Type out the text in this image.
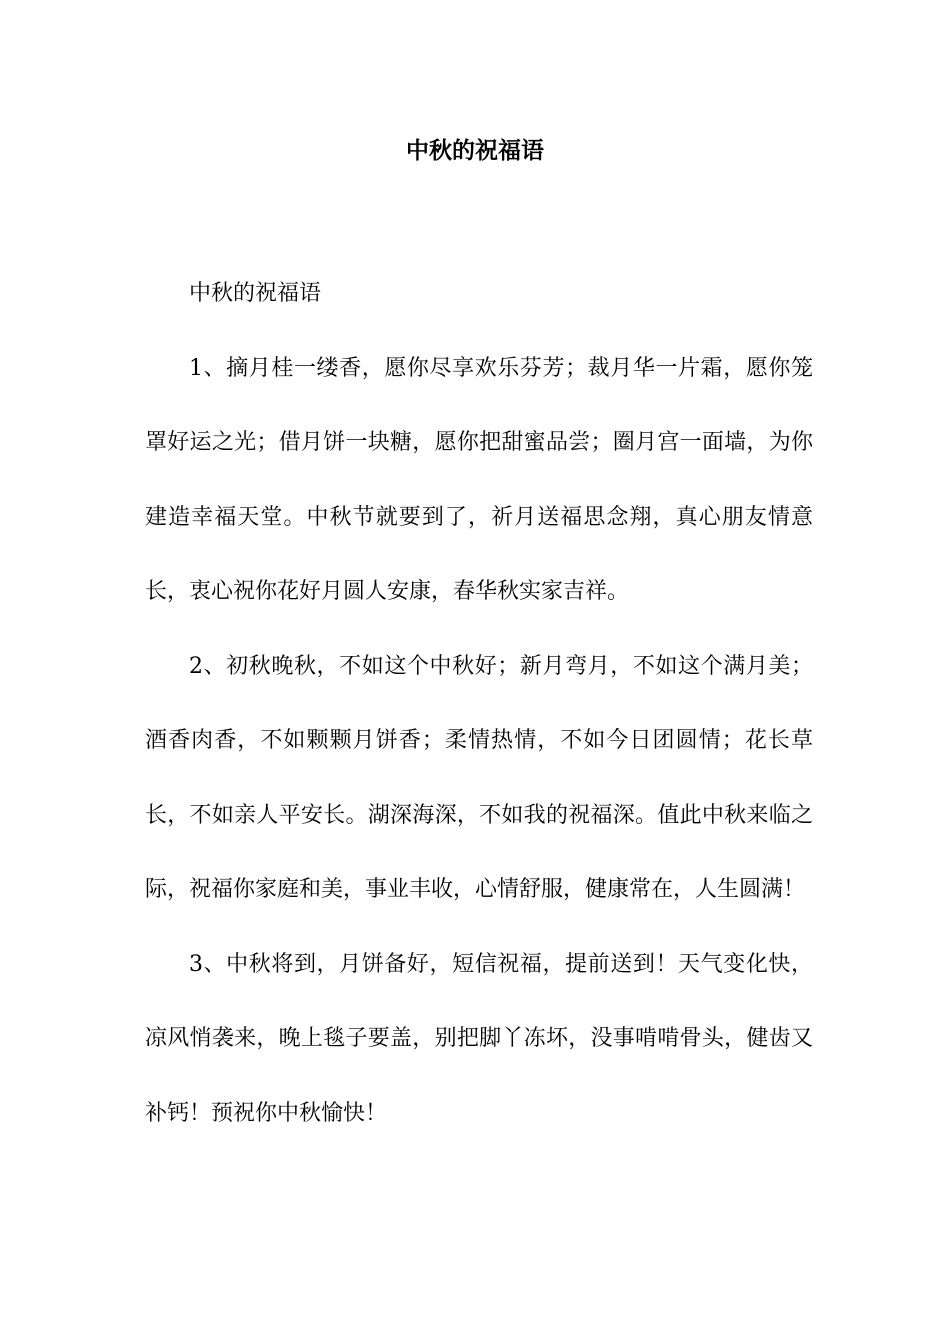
中秋的祝福语

中秋的祝福语

1、摘月桂一缕香，愿你尽享欢乐芬芳；裁月华一片霜，愿你笼罩好运之光；借月饼一块糖，愿你把甜蜜品尝；圈月宫一面墙，为你建造幸福天堂。中秋节就要到了，祈月送福思念翔，真心朋友情意长，衷心祝你花好月圆人安康，春华秋实家吉祥。

2、初秋晚秋，不如这个中秋好；新月弯月，不如这个满月美；酒香肉香，不如颗颗月饼香；柔情热情，不如今日团圆情；花长草长，不如亲人平安长。湖深海深，不如我的祝福深。值此中秋来临之际，祝福你家庭和美，事业丰收，心情舒服，健康常在，人生圆满！

3、中秋将到，月饼备好，短信祝福，提前送到！天气变化快，凉风悄袭来，晚上毯子要盖，别把脚丫冻坏，没事啃啃骨头，健齿又补钙！预祝你中秋愉快！
